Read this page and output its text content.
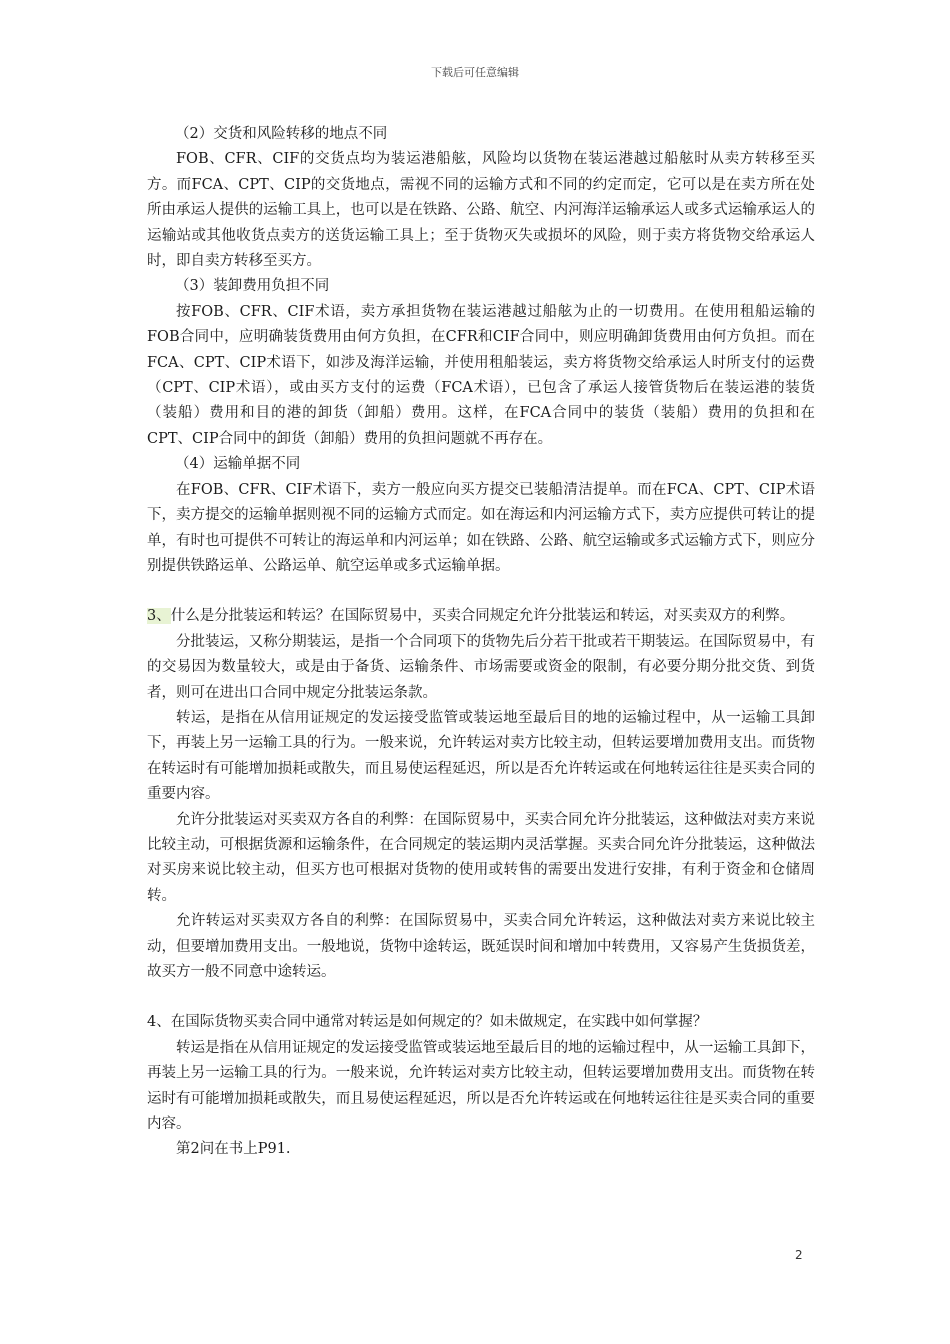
下载后可任意编辑

（2）交货和风险转移的地点不同

FOB、CFR、CIF的交货点均为装运港船舷，风险均以货物在装运港越过船舷时从卖方转移至买方。而FCA、CPT、CIP的交货地点，需视不同的运输方式和不同的约定而定，它可以是在卖方所在处所由承运人提供的运输工具上，也可以是在铁路、公路、航空、内河海洋运输承运人或多式运输承运人的运输站或其他收货点卖方的送货运输工具上；至于货物灭失或损坏的风险，则于卖方将货物交给承运人时，即自卖方转移至买方。

（3）装卸费用负担不同

按FOB、CFR、CIF术语，卖方承担货物在装运港越过船舷为止的一切费用。在使用租船运输的FOB合同中，应明确装货费用由何方负担，在CFR和CIF合同中，则应明确卸货费用由何方负担。而在FCA、CPT、CIP术语下，如涉及海洋运输，并使用租船装运，卖方将货物交给承运人时所支付的运费（CPT、CIP术语），或由买方支付的运费（FCA术语），已包含了承运人接管货物后在装运港的装货（装船）费用和目的港的卸货（卸船）费用。这样，在FCA合同中的装货（装船）费用的负担和在CPT、CIP合同中的卸货（卸船）费用的负担问题就不再存在。

（4）运输单据不同

在FOB、CFR、CIF术语下，卖方一般应向买方提交已装船清洁提单。而在FCA、CPT、CIP术语下，卖方提交的运输单据则视不同的运输方式而定。如在海运和内河运输方式下，卖方应提供可转让的提单，有时也可提供不可转让的海运单和内河运单；如在铁路、公路、航空运输或多式运输方式下，则应分别提供铁路运单、公路运单、航空运单或多式运输单据。

3、什么是分批装运和转运？在国际贸易中，买卖合同规定允许分批装运和转运，对买卖双方的利弊。

分批装运，又称分期装运，是指一个合同项下的货物先后分若干批或若干期装运。在国际贸易中，有的交易因为数量较大，或是由于备货、运输条件、市场需要或资金的限制，有必要分期分批交货、到货者，则可在进出口合同中规定分批装运条款。

转运，是指在从信用证规定的发运接受监管或装运地至最后目的地的运输过程中，从一运输工具卸下，再装上另一运输工具的行为。一般来说，允许转运对卖方比较主动，但转运要增加费用支出。而货物在转运时有可能增加损耗或散失，而且易使运程延迟，所以是否允许转运或在何地转运往往是买卖合同的重要内容。

允许分批装运对买卖双方各自的利弊：在国际贸易中，买卖合同允许分批装运，这种做法对卖方来说比较主动，可根据货源和运输条件，在合同规定的装运期内灵活掌握。买卖合同允许分批装运，这种做法对买房来说比较主动，但买方也可根据对货物的使用或转售的需要出发进行安排，有利于资金和仓储周转。

允许转运对买卖双方各自的利弊：在国际贸易中，买卖合同允许转运，这种做法对卖方来说比较主动，但要增加费用支出。一般地说，货物中途转运，既延误时间和增加中转费用，又容易产生货损货差，故买方一般不同意中途转运。

4、在国际货物买卖合同中通常对转运是如何规定的？如未做规定，在实践中如何掌握？

转运是指在从信用证规定的发运接受监管或装运地至最后目的地的运输过程中，从一运输工具卸下，再装上另一运输工具的行为。一般来说，允许转运对卖方比较主动，但转运要增加费用支出。而货物在转运时有可能增加损耗或散失，而且易使运程延迟，所以是否允许转运或在何地转运往往是买卖合同的重要内容。

第2问在书上P91.

2
